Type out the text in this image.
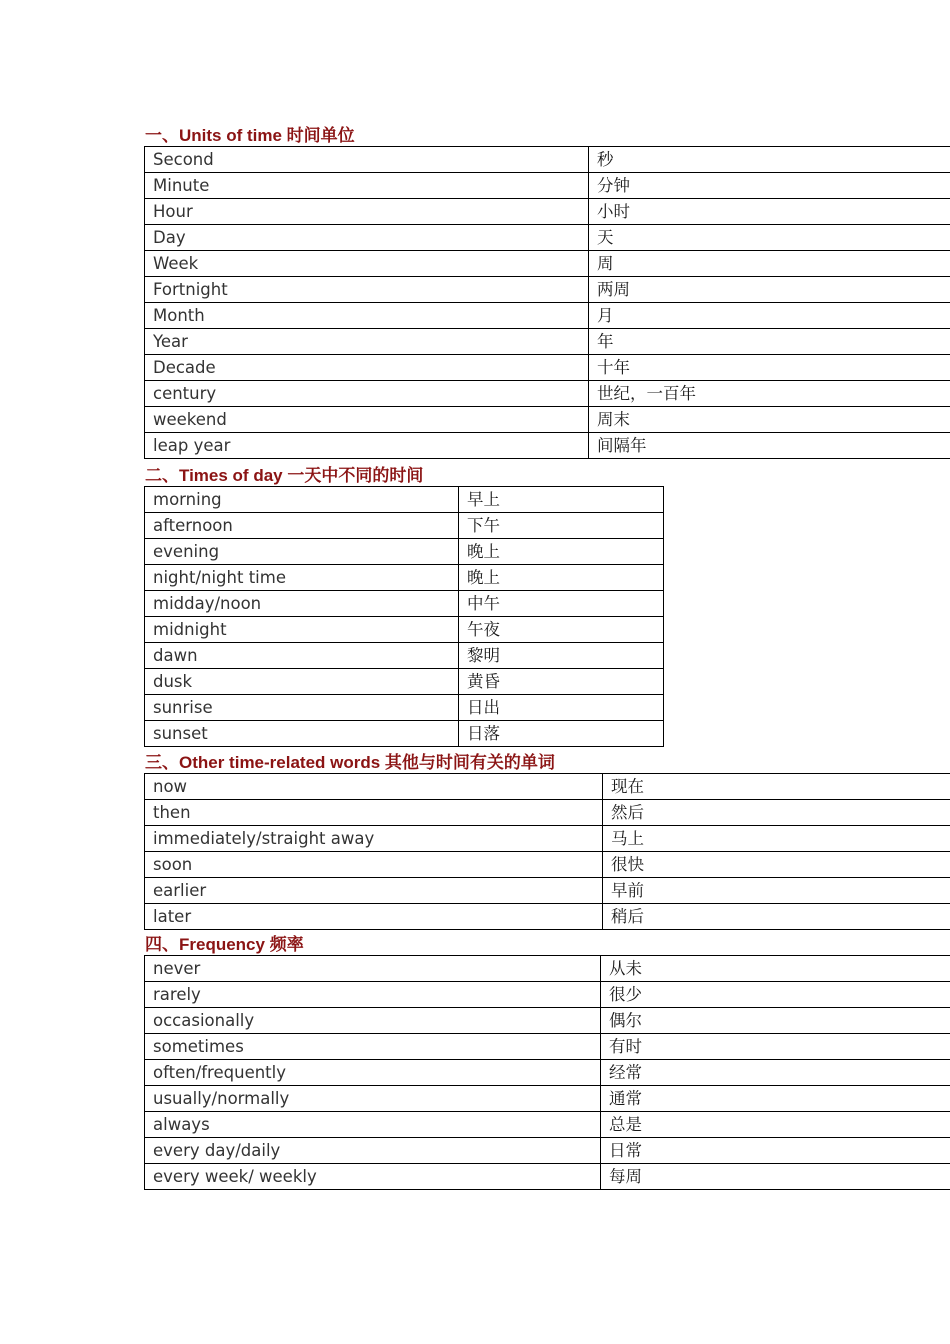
一、Units of time 时间单位
Second	秒
Minute	分钟
Hour	小时
Day	天
Week	周
Fortnight	两周
Month	月
Year	年
Decade	十年
century	世纪，一百年
weekend	周末
leap year	间隔年
二、Times of day 一天中不同的时间
morning	早上
afternoon	下午
evening	晚上
night/night time	晚上
midday/noon	中午
midnight	午夜
dawn	黎明
dusk	黄昏
sunrise	日出
sunset	日落
三、Other time-related words 其他与时间有关的单词
now	现在
then	然后
immediately/straight away	马上
soon	很快
earlier	早前
later	稍后
四、Frequency 频率
never	从未
rarely	很少
occasionally	偶尔
sometimes	有时
often/frequently	经常
usually/normally	通常
always	总是
every day/daily	日常
every week/ weekly	每周
